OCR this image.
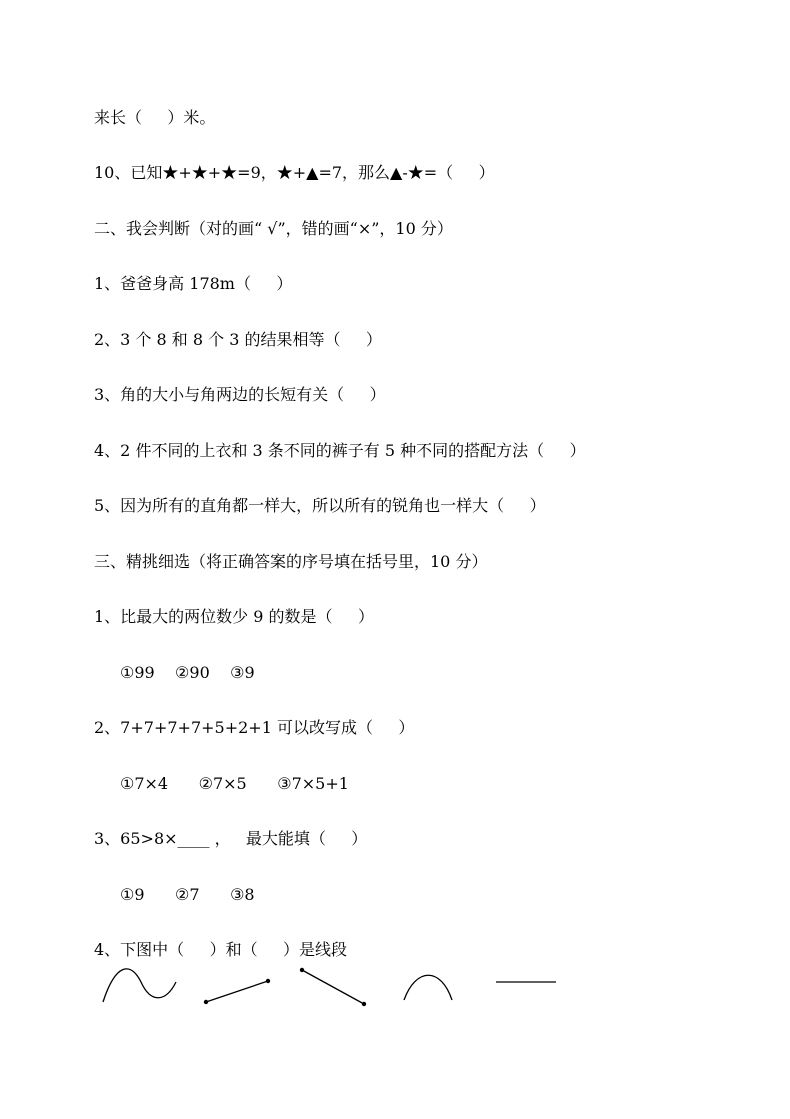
来长（     ）米。
10、已知★+★+★=9，★+▲=7，那么▲-★=（     ）
二、我会判断（对的画“ √”，错的画“×”，10 分）
1、爸爸身高 178m（     ）
2、3 个 8 和 8 个 3 的结果相等（     ）
3、角的大小与角两边的长短有关（     ）
4、2 件不同的上衣和 3 条不同的裤子有 5 种不同的搭配方法（     ）
5、因为所有的直角都一样大，所以所有的锐角也一样大（     ）
三、精挑细选（将正确答案的序号填在括号里，10 分）
1、比最大的两位数少 9 的数是（     ）
①99    ②90    ③9
2、7+7+7+7+5+2+1 可以改写成（     ）
①7×4      ②7×5      ③7×5+1
3、65>8×____ ，   最大能填（     ）
①9      ②7      ③8
4、下图中（     ）和（     ）是线段
